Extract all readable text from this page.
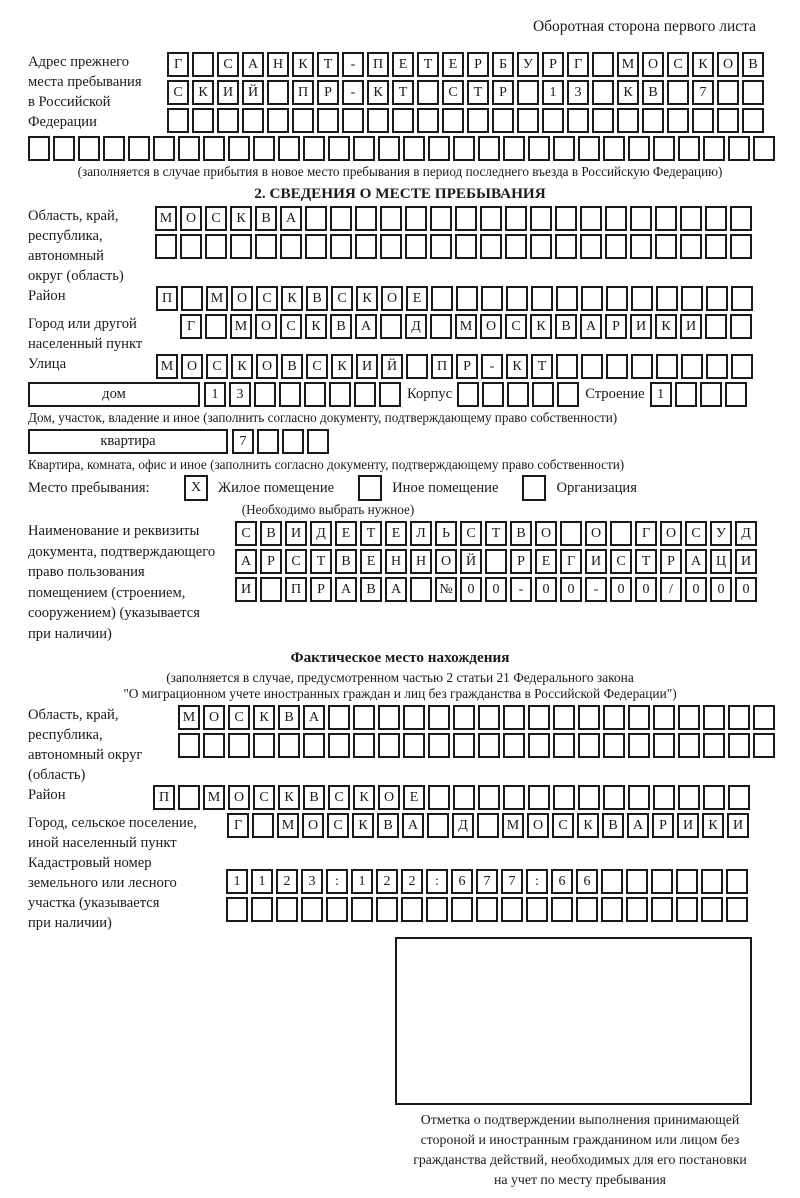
Оборотная сторона первого листа
Адрес прежнего
места пребывания
в Российской
Федерации
Г	С А Н К Т - П Е Т Е Р Б У Р Г	М О С К О В
С К И Й	П Р - К Т	С Т Р	1 3	К В	7
(заполняется в случае прибытия в новое место пребывания в период последнего въезда в Российскую Федерацию)
2. СВЕДЕНИЯ О МЕСТЕ ПРЕБЫВАНИЯ
Область, край,
республика,
автономный
округ (область)
М О С К В А
Район	П	М О С К В С К О Е
Город или другой
населенный пункт
Г	М О С К В А	Д	М О С К В А Р И К И
Улица	М О С К О В С К И Й	П Р - К Т
дом	1 3	Корпус	Строение 1
Дом, участок, владение и иное (заполнить согласно документу, подтверждающему право собственности)
квартира	7
Квартира, комната, офис и иное (заполнить согласно документу, подтверждающему право собственности)
Место пребывания:	X	Жилое помещение	Иное помещение	Организация
(Необходимо выбрать нужное)
Наименование и реквизиты
документа, подтверждающего
право пользования
помещением (строением,
сооружением) (указывается
при наличии)
С В И Д Е Т Е Л Ь С Т В О	О	Г О С У Д
А Р С Т В Е Н Н О Й	Р Е Г И С Т Р А Ц И
И	П Р А В А	№ 0 0 - 0 0 - 0 0 / 0 0 0
Фактическое место нахождения
(заполняется в случае, предусмотренном частью 2 статьи 21 Федерального закона
"О миграционном учете иностранных граждан и лиц без гражданства в Российской Федерации")
Область, край,
республика,
автономный округ
(область)
М О С К В А
Район	П	М О С К В С К О Е
Город, сельское поселение,
иной населенный пункт
Г	М О С К В А	Д	М О С К В А Р И К И
Кадастровый номер
земельного или лесного
участка (указывается
при наличии)
1 1 2 3 : 1 2 2 : 6 7 7 : 6 6
Отметка о подтверждении выполнения принимающей
стороной и иностранным гражданином или лицом без
гражданства действий, необходимых для его постановки
на учет по месту пребывания
